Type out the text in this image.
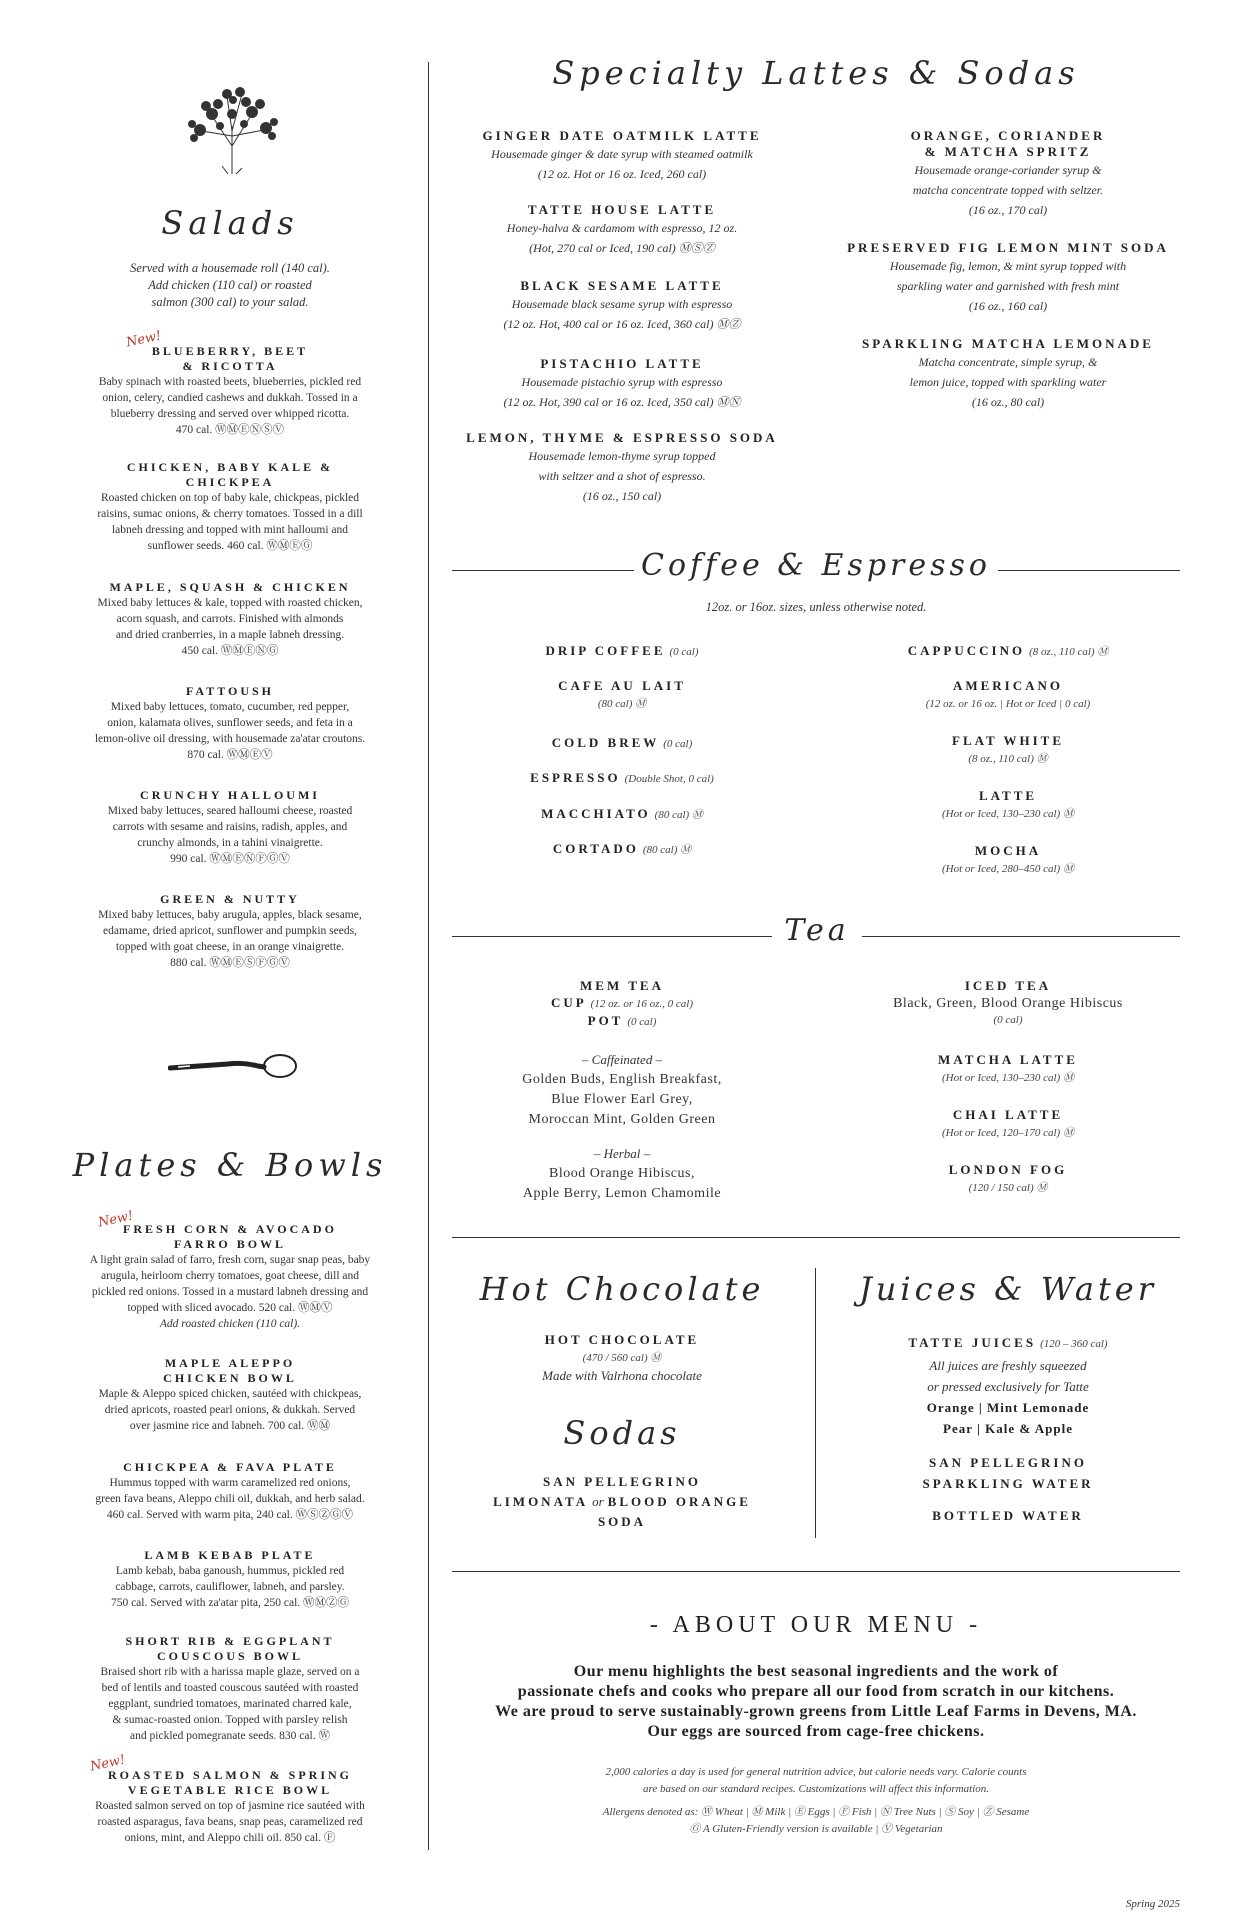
Salads
Served with a housemade roll (140 cal).
Add chicken (110 cal) or roasted
salmon (300 cal) to your salad.
New!
BLUEBERRY, BEET
& RICOTTA
Baby spinach with roasted beets, blueberries, pickled red
onion, celery, candied cashews and dukkah. Tossed in a
blueberry dressing and served over whipped ricotta.
470 cal. ⓌⓂⒺⓃⓈⓋ
CHICKEN, BABY KALE &
CHICKPEA
Roasted chicken on top of baby kale, chickpeas, pickled
raisins, sumac onions, & cherry tomatoes. Tossed in a dill
labneh dressing and topped with mint halloumi and
sunflower seeds. 460 cal. ⓌⓂⒺⒼ
MAPLE, SQUASH & CHICKEN
Mixed baby lettuces & kale, topped with roasted chicken,
acorn squash, and carrots. Finished with almonds
and dried cranberries, in a maple labneh dressing.
450 cal. ⓌⓂⒺⓃⒼ
FATTOUSH
Mixed baby lettuces, tomato, cucumber, red pepper,
onion, kalamata olives, sunflower seeds, and feta in a
lemon-olive oil dressing, with housemade za'atar croutons.
870 cal. ⓌⓂⒺⓋ
CRUNCHY HALLOUMI
Mixed baby lettuces, seared halloumi cheese, roasted
carrots with sesame and raisins, radish, apples, and
crunchy almonds, in a tahini vinaigrette.
990 cal. ⓌⓂⒺⓃⒻⒼⓋ
GREEN & NUTTY
Mixed baby lettuces, baby arugula, apples, black sesame,
edamame, dried apricot, sunflower and pumpkin seeds,
topped with goat cheese, in an orange vinaigrette.
880 cal. ⓌⓂⒺⓈⒻⒼⓋ
Plates & Bowls
New!
FRESH CORN & AVOCADO
FARRO BOWL
A light grain salad of farro, fresh corn, sugar snap peas, baby
arugula, heirloom cherry tomatoes, goat cheese, dill and
pickled red onions. Tossed in a mustard labneh dressing and
topped with sliced avocado. 520 cal. ⓌⓂⓋ
Add roasted chicken (110 cal).
MAPLE ALEPPO
CHICKEN BOWL
Maple & Aleppo spiced chicken, sautéed with chickpeas,
dried apricots, roasted pearl onions, & dukkah. Served
over jasmine rice and labneh. 700 cal. ⓌⓂ
CHICKPEA & FAVA PLATE
Hummus topped with warm caramelized red onions,
green fava beans, Aleppo chili oil, dukkah, and herb salad.
460 cal. Served with warm pita, 240 cal. ⓌⓈⓏⒼⓋ
LAMB KEBAB PLATE
Lamb kebab, baba ganoush, hummus, pickled red
cabbage, carrots, cauliflower, labneh, and parsley.
750 cal. Served with za'atar pita, 250 cal. ⓌⓂⓏⒼ
SHORT RIB & EGGPLANT
COUSCOUS BOWL
Braised short rib with a harissa maple glaze, served on a
bed of lentils and toasted couscous sautéed with roasted
eggplant, sundried tomatoes, marinated charred kale,
& sumac-roasted onion. Topped with parsley relish
and pickled pomegranate seeds. 830 cal. Ⓦ
New!
ROASTED SALMON & SPRING
VEGETABLE RICE BOWL
Roasted salmon served on top of jasmine rice sautéed with
roasted asparagus, fava beans, snap peas, caramelized red
onions, mint, and Aleppo chili oil. 850 cal. Ⓕ
Specialty Lattes & Sodas
GINGER DATE OATMILK LATTE
Housemade ginger & date syrup with steamed oatmilk
(12 oz. Hot or 16 oz. Iced, 260 cal)
TATTE HOUSE LATTE
Honey-halva & cardamom with espresso, 12 oz.
(Hot, 270 cal or Iced, 190 cal) ⓂⓈⓏ
BLACK SESAME LATTE
Housemade black sesame syrup with espresso
(12 oz. Hot, 400 cal or 16 oz. Iced, 360 cal) ⓂⓏ
PISTACHIO LATTE
Housemade pistachio syrup with espresso
(12 oz. Hot, 390 cal or 16 oz. Iced, 350 cal) ⓂⓃ
LEMON, THYME & ESPRESSO SODA
Housemade lemon-thyme syrup topped
with seltzer and a shot of espresso.
(16 oz., 150 cal)
ORANGE, CORIANDER
& MATCHA SPRITZ
Housemade orange-coriander syrup &
matcha concentrate topped with seltzer.
(16 oz., 170 cal)
PRESERVED FIG LEMON MINT SODA
Housemade fig, lemon, & mint syrup topped with
sparkling water and garnished with fresh mint
(16 oz., 160 cal)
SPARKLING MATCHA LEMONADE
Matcha concentrate, simple syrup, &
lemon juice, topped with sparkling water
(16 oz., 80 cal)
Coffee & Espresso
12oz. or 16oz. sizes, unless otherwise noted.
DRIP COFFEE (0 cal)
CAFE AU LAIT
(80 cal) Ⓜ
COLD BREW (0 cal)
ESPRESSO (Double Shot, 0 cal)
MACCHIATO (80 cal) Ⓜ
CORTADO (80 cal) Ⓜ
CAPPUCCINO (8 oz., 110 cal) Ⓜ
AMERICANO
(12 oz. or 16 oz. | Hot or Iced | 0 cal)
FLAT WHITE
(8 oz., 110 cal) Ⓜ
LATTE
(Hot or Iced, 130–230 cal) Ⓜ
MOCHA
(Hot or Iced, 280–450 cal) Ⓜ
Tea
MEM TEA
CUP (12 oz. or 16 oz., 0 cal)
POT (0 cal)
– Caffeinated –
Golden Buds, English Breakfast,
Blue Flower Earl Grey,
Moroccan Mint, Golden Green
– Herbal –
Blood Orange Hibiscus,
Apple Berry, Lemon Chamomile
ICED TEA
Black, Green, Blood Orange Hibiscus
(0 cal)
MATCHA LATTE
(Hot or Iced, 130–230 cal) Ⓜ
CHAI LATTE
(Hot or Iced, 120–170 cal) Ⓜ
LONDON FOG
(120 / 150 cal) Ⓜ
Hot Chocolate
HOT CHOCOLATE
(470 / 560 cal) Ⓜ
Made with Valrhona chocolate
Sodas
SAN PELLEGRINO
LIMONATA or BLOOD ORANGE
SODA
Juices & Water
TATTE JUICES (120 – 360 cal)
All juices are freshly squeezed
or pressed exclusively for Tatte
Orange | Mint Lemonade
Pear | Kale & Apple
SAN PELLEGRINO
SPARKLING WATER
BOTTLED WATER
- ABOUT OUR MENU -
Our menu highlights the best seasonal ingredients and the work of
passionate chefs and cooks who prepare all our food from scratch in our kitchens.
We are proud to serve sustainably-grown greens from Little Leaf Farms in Devens, MA.
Our eggs are sourced from cage-free chickens.
2,000 calories a day is used for general nutrition advice, but calorie needs vary. Calorie counts
are based on our standard recipes. Customizations will affect this information.
Allergens denoted as: Ⓦ Wheat | Ⓜ Milk | Ⓔ Eggs | Ⓕ Fish | Ⓝ Tree Nuts | Ⓢ Soy | Ⓩ Sesame
Ⓖ A Gluten-Friendly version is available | Ⓥ Vegetarian
Spring 2025
